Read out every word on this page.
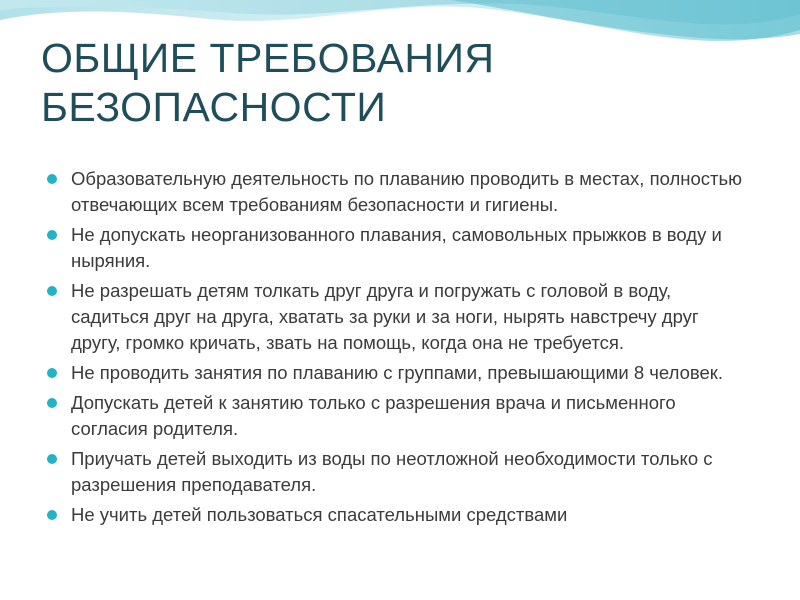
ОБЩИЕ ТРЕБОВАНИЯ
БЕЗОПАСНОСТИ
Образовательную деятельность по плаванию проводить в местах, полностью отвечающих всем требованиям безопасности и гигиены.
Не допускать неорганизованного плавания, самовольных прыжков в воду и ныряния.
Не разрешать детям толкать друг друга и погружать с головой в воду, садиться друг на друга, хватать за руки и за ноги, нырять навстречу друг другу, громко кричать, звать на помощь, когда она не требуется.
Не проводить занятия по плаванию с группами, превышающими 8 человек.
Допускать детей к занятию только с разрешения врача и письменного согласия родителя.
Приучать детей выходить из воды по неотложной необходимости только с разрешения преподавателя.
Не учить детей пользоваться спасательными средствами
